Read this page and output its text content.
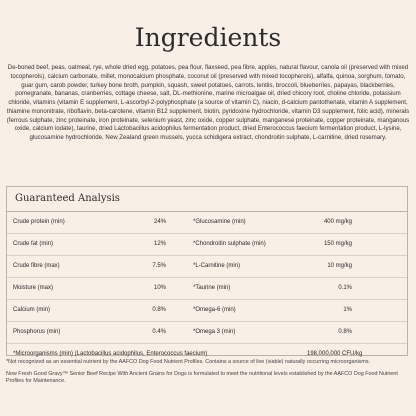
Ingredients
De-boned beef, peas, oatmeal, rye, whole dried egg, potatoes, pea flour, flaxseed, pea fibre, apples, natural flavour, canola oil (preserved with mixed tocopherols), calcium carbonate, millet, monocalcium phosphate, coconut oil (preserved with mixed tocopherols), alfalfa, quinoa, sorghum, tomato, guar gum, carob powder, turkey bone broth, pumpkin, squash, sweet potatoes, carrots, lentils, broccoli, blueberries, papayas, blackberries, pomegranate, bananas, cranberries, cottage cheese, salt, DL-methionine, marine microalgae oil, dried chicory root, choline chloride, potassium chloride, vitamins (vitamin E supplement, L-ascorbyl-2-polyphosphate (a source of vitamin C), niacin, d-calcium pantothenate, vitamin A supplement, thiamine mononitrate, riboflavin, beta-carotene, vitamin B12 supplement, biotin, pyridoxine hydrochloride, vitamin D3 supplement, folic acid), minerals (ferrous sulphate, zinc proteinate, iron proteinate, selenium yeast, zinc oxide, copper sulphate, manganese proteinate, copper proteinate, manganous oxide, calcium iodate), taurine, dried Lactobacillus acidophilus fermentation product, dried Enterococcus faecium fermentation product, L-lysine, glucosamine hydrochloride, New Zealand green mussels, yucca schidigera extract, chondroitin sulphate, L-carnitine, dried rosemary.
Guaranteed Analysis
Crude protein (min)	24%	*Glucosamine (min)	400 mg/kg
Crude fat (min)	12%	*Chondroitin sulphate (min)	150 mg/kg
Crude fibre (max)	7.5%	*L-Carnitine (min)	10 mg/kg
Moisture (max)	10%	*Taurine (min)	0.1%
Calcium (min)	0.8%	*Omega-6 (min)	1%
Phosphorus (min)	0.4%	*Omega 3 (min)	0.8%
*Microorganisms (min) (Lactobacillus acidophilus, Enterococcus faecium)	198,000,000 CFU/kg

*Not recognized as an essential nutrient by the AAFCO Dog Food Nutrient Profiles. Contains a source of live (viable) naturally occurring microorganisms.

Now Fresh Good Gravy™ Senior Beef Recipe With Ancient Grains for Dogs is formulated to meet the nutritional levels established by the AAFCO Dog Food Nutrient Profiles for Maintenance.
